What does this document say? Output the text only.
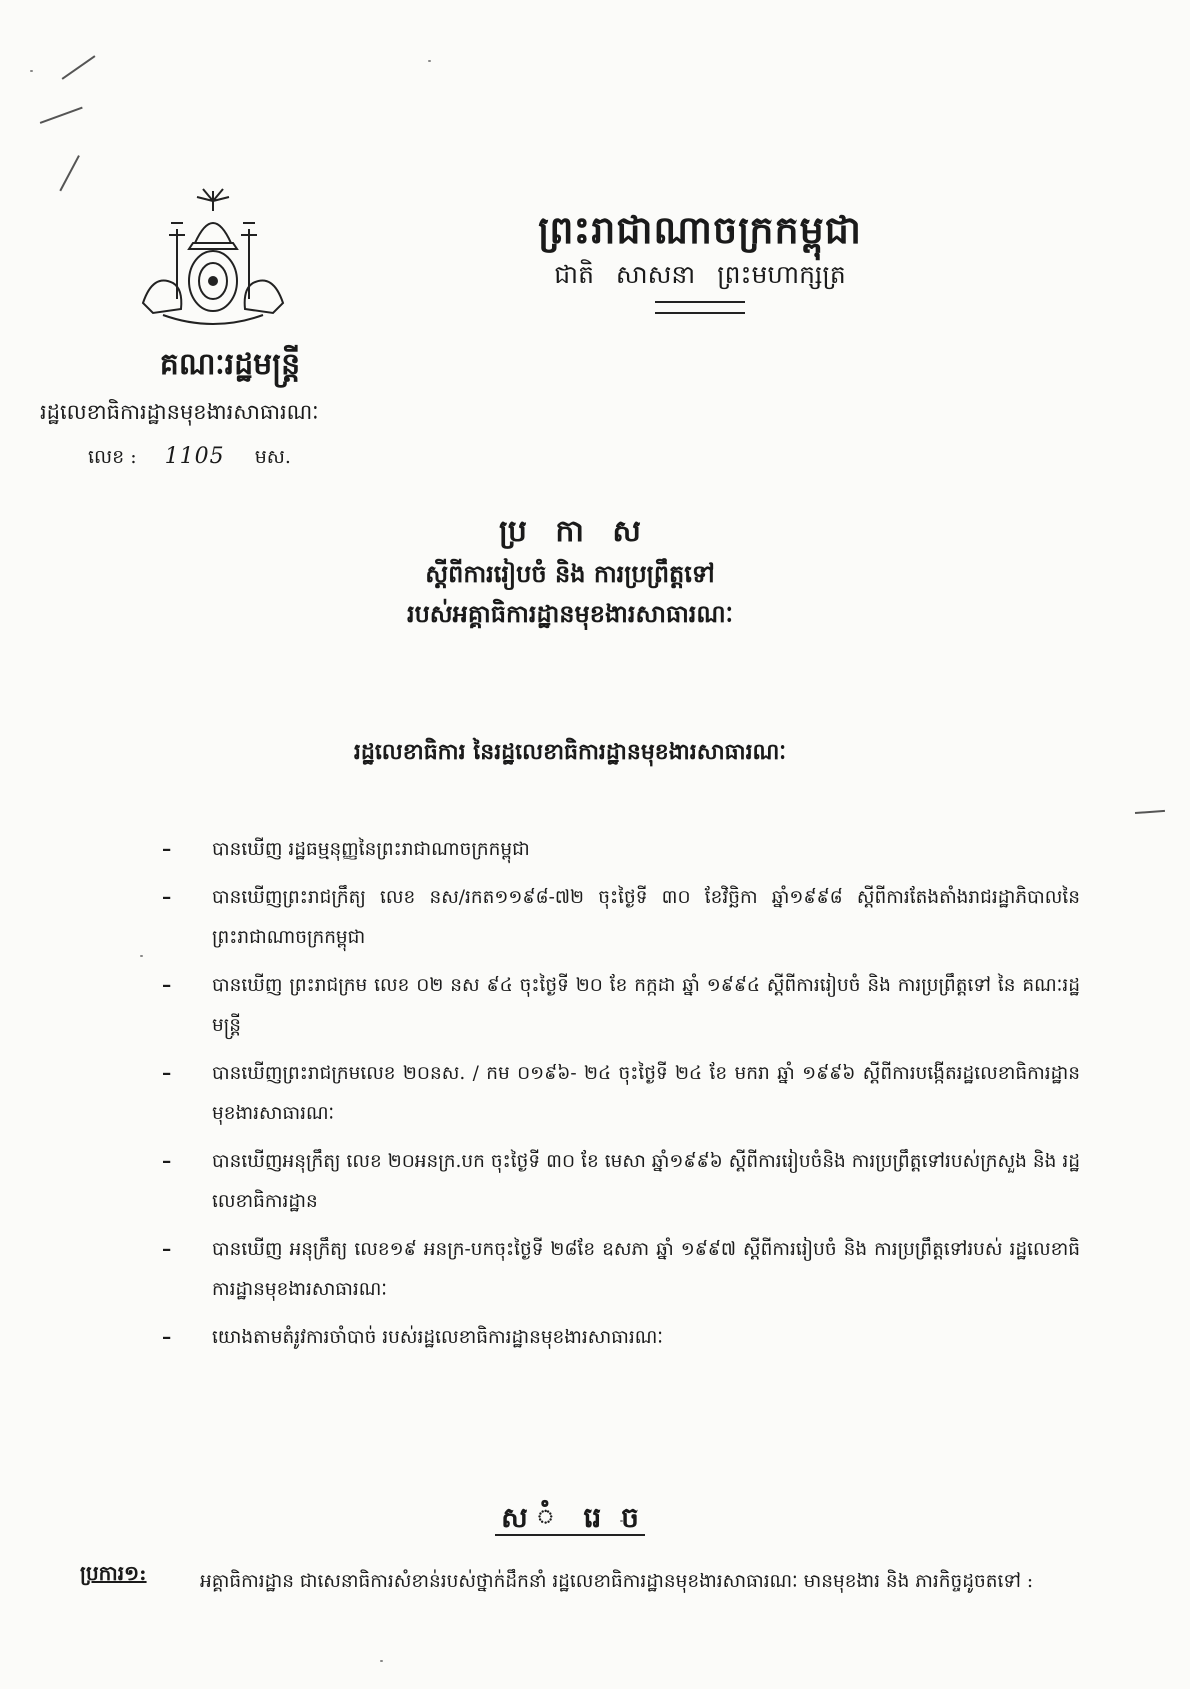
ព្រះរាជាណាចក្រកម្ពុជា
ជាតិ សាសនា ព្រះមហាក្សត្រ
គណៈរដ្ឋមន្ត្រី
រដ្ឋលេខាធិការដ្ឋានមុខងារសាធារណៈ
លេខ : 1105 មស.
ប្រ កា ស
ស្តីពីការរៀបចំ និង ការប្រព្រឹត្តទៅ
របស់អគ្គាធិការដ្ឋានមុខងារសាធារណៈ
រដ្ឋលេខាធិការ នៃរដ្ឋលេខាធិការដ្ឋានមុខងារសាធារណៈ
– បានឃើញ រដ្ឋធម្មនុញ្ញនៃព្រះរាជាណាចក្រកម្ពុជា
– បានឃើញព្រះរាជក្រឹត្យ លេខ នស/រកត១១៩៨-៧២ ចុះថ្ងៃទី ៣០ ខែវិច្ឆិកា ឆ្នាំ១៩៩៨ ស្តីពីការតែងតាំងរាជរដ្ឋាភិបាលនៃព្រះរាជាណាចក្រកម្ពុជា
– បានឃើញ ព្រះរាជក្រម លេខ ០២ នស ៩៤ ចុះថ្ងៃទី ២០ ខែ កក្កដា ឆ្នាំ ១៩៩៤ ស្តីពីការរៀបចំ និង ការប្រព្រឹត្តទៅ នៃ គណៈរដ្ឋមន្ត្រី
– បានឃើញព្រះរាជក្រមលេខ ២០នស. / កម ០១៩៦- ២៤ ចុះថ្ងៃទី ២៤ ខែ មករា ឆ្នាំ ១៩៩៦ ស្តីពីការបង្កើតរដ្ឋលេខាធិការដ្ឋានមុខងារសាធារណៈ
– បានឃើញអនុក្រឹត្យ លេខ ២០អនក្រ.បក ចុះថ្ងៃទី ៣០ ខែ មេសា ឆ្នាំ១៩៩៦ ស្តីពីការរៀបចំនិង ការប្រព្រឹត្តទៅរបស់ក្រសួង និង រដ្ឋលេខាធិការដ្ឋាន
– បានឃើញ អនុក្រឹត្យ លេខ១៩ អនក្រ-បកចុះថ្ងៃទី ២៨ខែ ឧសភា ឆ្នាំ ១៩៩៧ ស្តីពីការរៀបចំ និង ការប្រព្រឹត្តទៅរបស់ រដ្ឋលេខាធិការដ្ឋានមុខងារសាធារណៈ
– យោងតាមតំរូវការចាំបាច់ របស់រដ្ឋលេខាធិការដ្ឋានមុខងារសាធារណៈ
ស ំ រេ ច
ប្រការ១:	អគ្គាធិការដ្ឋាន ជាសេនាធិការសំខាន់របស់ថ្នាក់ដឹកនាំ រដ្ឋលេខាធិការដ្ឋានមុខងារសាធារណៈ មានមុខងារ និង ភារកិច្ចដូចតទៅ :
